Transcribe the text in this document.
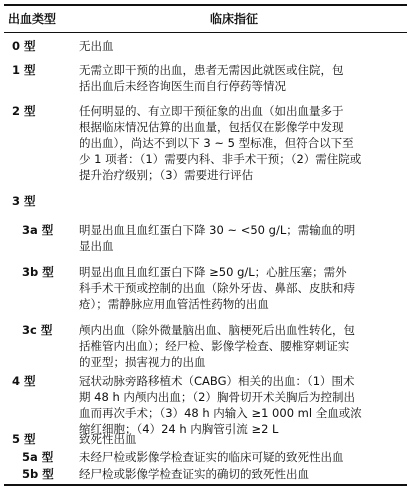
出血类型	临床指征
0 型	无出血
1 型	无需立即干预的出血，患者无需因此就医或住院，包
括出血后未经咨询医生而自行停药等情况
2 型	任何明显的、有立即干预征象的出血（如出血量多于
根据临床情况估算的出血量，包括仅在影像学中发现
的出血），尚达不到以下 3 ~ 5 型标准，但符合以下至
少 1 项者：（1）需要内科、非手术干预；（2）需住院或
提升治疗级别；（3）需要进行评估
3 型
3a 型 明显出血且血红蛋白下降 30 ~ <50 g/L；需输血的明
显出血
3b 型 明显出血且血红蛋白下降 ≥50 g/L；心脏压塞；需外
科手术干预或控制的出血（除外牙齿、鼻部、皮肤和痔
疮）；需静脉应用血管活性药物的出血
3c 型 颅内出血（除外微量脑出血、脑梗死后出血性转化，包
括椎管内出血）；经尸检、影像学检查、腰椎穿刺证实
的亚型；损害视力的出血
4 型	冠状动脉旁路移植术（CABG）相关的出血：（1）围术
期 48 h 内颅内出血；（2）胸骨切开术关胸后为控制出
血而再次手术；（3）48 h 内输入 ≥1 000 ml 全血或浓
缩红细胞；（4）24 h 内胸管引流 ≥2 L
5 型	致死性出血
5a 型 未经尸检或影像学检查证实的临床可疑的致死性出血
5b 型 经尸检或影像学检查证实的确切的致死性出血
